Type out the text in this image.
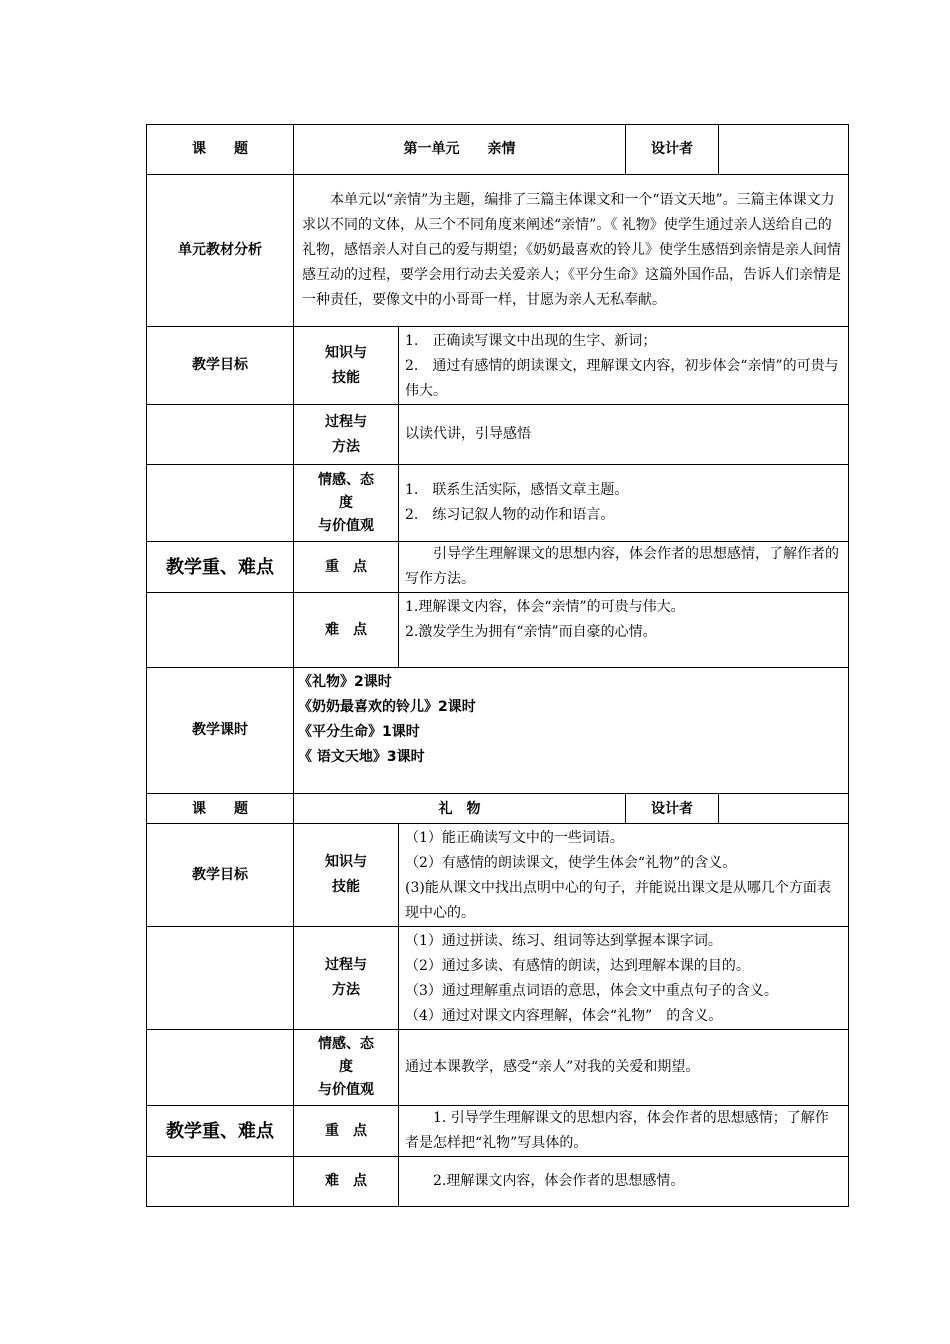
课　　题	第一单元　　亲情		设计者	
单元教材分析	本单元以“亲情”为主题，编排了三篇主体课文和一个“语文天地”。三篇主体课文力求以不同的文体，从三个不同角度来阐述“亲情”。《 礼物》使学生通过亲人送给自己的礼物，感悟亲人对自己的爱与期望；《奶奶最喜欢的铃儿》使学生感悟到亲情是亲人间情感互动的过程，要学会用行动去关爱亲人；《平分生命》这篇外国作品，告诉人们亲情是一种责任，要像文中的小哥哥一样，甘愿为亲人无私奉献。			

教学目标	知识与
技能	1.　正确读写课文中出现的生字、新词；
2.　通过有感情的朗读课文，理解课文内容，初步体会“亲情”的可贵与伟大。		

	过程与
方法	以读代讲，引导感悟		

	情感、态
度
与价值观	1.　联系生活实际，感悟文章主题。
2.　练习记叙人物的动作和语言。		

教学重、难点	重　点	引导学生理解课文的思想内容，体会作者的思想感情，了解作者的写作方法。		

	难　点	1.理解课文内容，体会“亲情”的可贵与伟大。
2.激发学生为拥有“亲情”而自豪的心情。		

教学课时	《礼物》2课时
《奶奶最喜欢的铃儿》2课时
《平分生命》1课时
《 语文天地》3课时			

课　　题	礼　物		设计者	
教学目标	知识与
技能	（1）能正确读写文中的一些词语。
（2）有感情的朗读课文，使学生体会“礼物”的含义。
(3)能从课文中找出点明中心的句子，并能说出课文是从哪几个方面表现中心的。		

	过程与
方法	（1）通过拼读、练习、组词等达到掌握本课字词。
（2）通过多读、有感情的朗读，达到理解本课的目的。
（3）通过理解重点词语的意思，体会文中重点句子的含义。
（4）通过对课文内容理解，体会“礼物”　的含义。		

	情感、态
度
与价值观	通过本课教学，感受“亲人”对我的关爱和期望。		
教学重、难点	重　点	1. 引导学生理解课文的思想内容，体会作者的思想感情；了解作者是怎样把“礼物”写具体的。		

	难　点	2.理解课文内容，体会作者的思想感情。		
